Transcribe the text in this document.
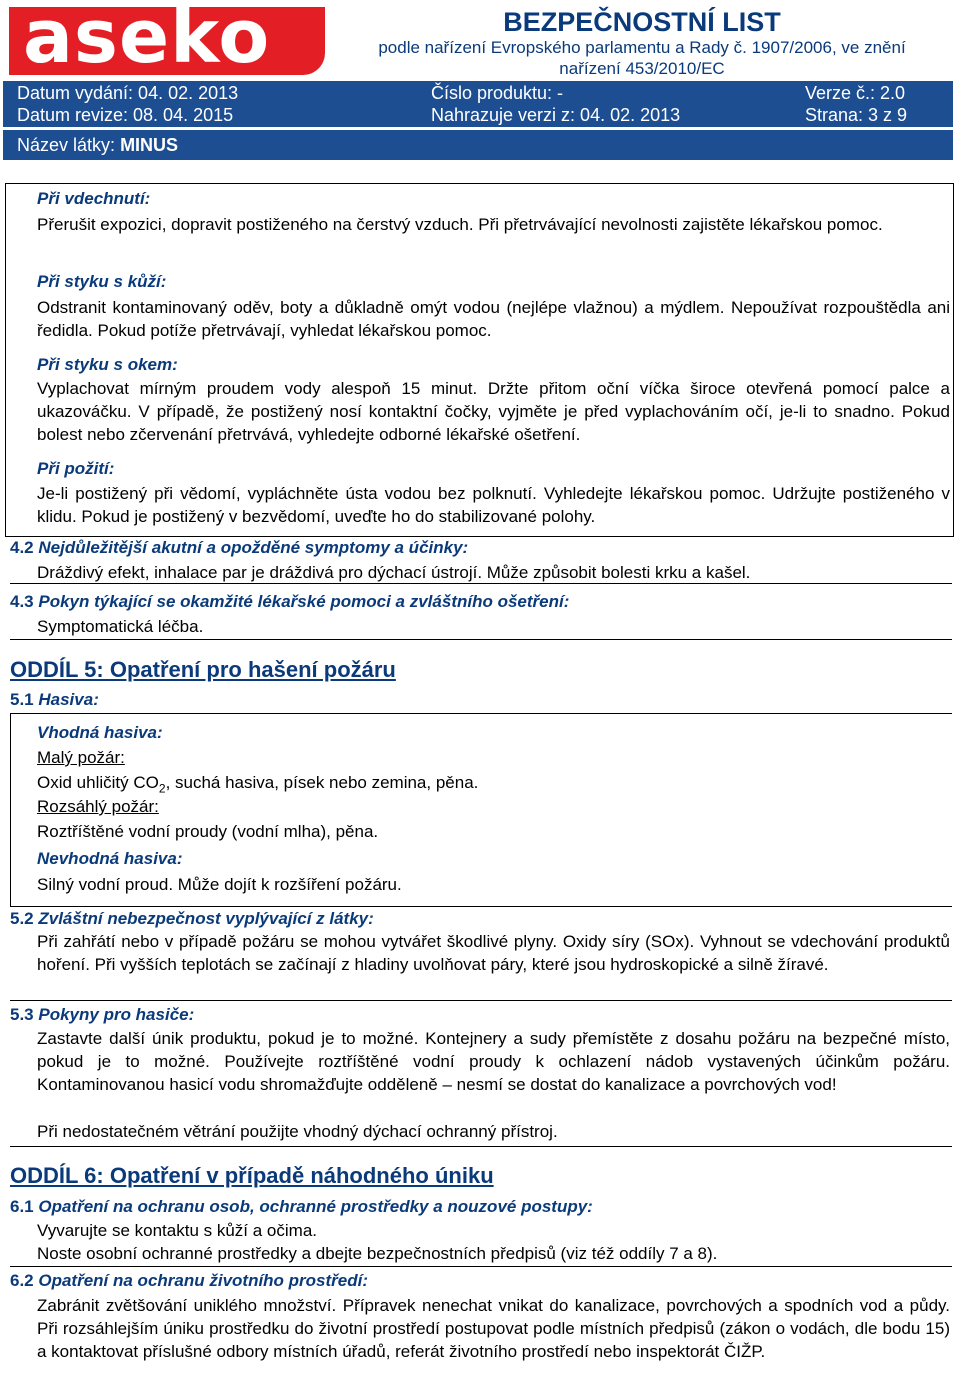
aseko	BEZPEČNOSTNÍ LIST
podle nařízení Evropského parlamentu a Rady č. 1907/2006, ve znění
nařízení 453/2010/EC
Datum vydání: 04. 02. 2013	Číslo produktu: -	Verze č.: 2.0
Datum revize: 08. 04. 2015	Nahrazuje verzi z: 04. 02. 2013	Strana: 3 z 9
Název látky: MINUS
Při vdechnutí:
Přerušit expozici, dopravit postiženého na čerstvý vzduch. Při přetrvávající nevolnosti zajistěte lékařskou pomoc.
Při styku s kůží:
Odstranit kontaminovaný oděv, boty a důkladně omýt vodou (nejlépe vlažnou) a mýdlem. Nepoužívat rozpouštědla ani ředidla. Pokud potíže přetrvávají, vyhledat lékařskou pomoc.
Při styku s okem:
Vyplachovat mírným proudem vody alespoň 15 minut. Držte přitom oční víčka široce otevřená pomocí palce a ukazováčku. V případě, že postižený nosí kontaktní čočky, vyjměte je před vyplachováním očí, je-li to snadno. Pokud bolest nebo zčervenání přetrvává, vyhledejte odborné lékařské ošetření.
Při požití:
Je-li postižený při vědomí, vypláchněte ústa vodou bez polknutí. Vyhledejte lékařskou pomoc. Udržujte postiženého v klidu. Pokud je postižený v bezvědomí, uveďte ho do stabilizované polohy.
4.2 Nejdůležitější akutní a opožděné symptomy a účinky:
Dráždivý efekt, inhalace par je dráždivá pro dýchací ústrojí. Může způsobit bolesti krku a kašel.
4.3 Pokyn týkající se okamžité lékařské pomoci a zvláštního ošetření:
Symptomatická léčba.
ODDÍL 5: Opatření pro hašení požáru
5.1 Hasiva:
Vhodná hasiva:
Malý požár:
Oxid uhličitý $CO_2$, suchá hasiva, písek nebo zemina, pěna.
Rozsáhlý požár:
Roztříštěné vodní proudy (vodní mlha), pěna.
Nevhodná hasiva:
Silný vodní proud. Může dojít k rozšíření požáru.
5.2 Zvláštní nebezpečnost vyplývající z látky:
Při zahřátí nebo v případě požáru se mohou vytvářet škodlivé plyny. Oxidy síry (SOx). Vyhnout se vdechování produktů hoření. Při vyšších teplotách se začínají z hladiny uvolňovat páry, které jsou hydroskopické a silně žíravé.
5.3 Pokyny pro hasiče:
Zastavte další únik produktu, pokud je to možné. Kontejnery a sudy přemístěte z dosahu požáru na bezpečné místo, pokud je to možné. Používejte roztříštěné vodní proudy k ochlazení nádob vystavených účinkům požáru. Kontaminovanou hasicí vodu shromažďujte odděleně – nesmí se dostat do kanalizace a povrchových vod!
Při nedostatečném větrání použijte vhodný dýchací ochranný přístroj.
ODDÍL 6: Opatření v případě náhodného úniku
6.1 Opatření na ochranu osob, ochranné prostředky a nouzové postupy:
Vyvarujte se kontaktu s kůží a očima.
Noste osobní ochranné prostředky a dbejte bezpečnostních předpisů (viz též oddíly 7 a 8).
6.2 Opatření na ochranu životního prostředí:
Zabránit zvětšování uniklého množství. Přípravek nenechat vnikat do kanalizace, povrchových a spodních vod a půdy. Při rozsáhlejším úniku prostředku do životní prostředí postupovat podle místních předpisů (zákon o vodách, dle bodu 15) a kontaktovat příslušné odbory místních úřadů, referát životního prostředí nebo inspektorát ČIŽP.
